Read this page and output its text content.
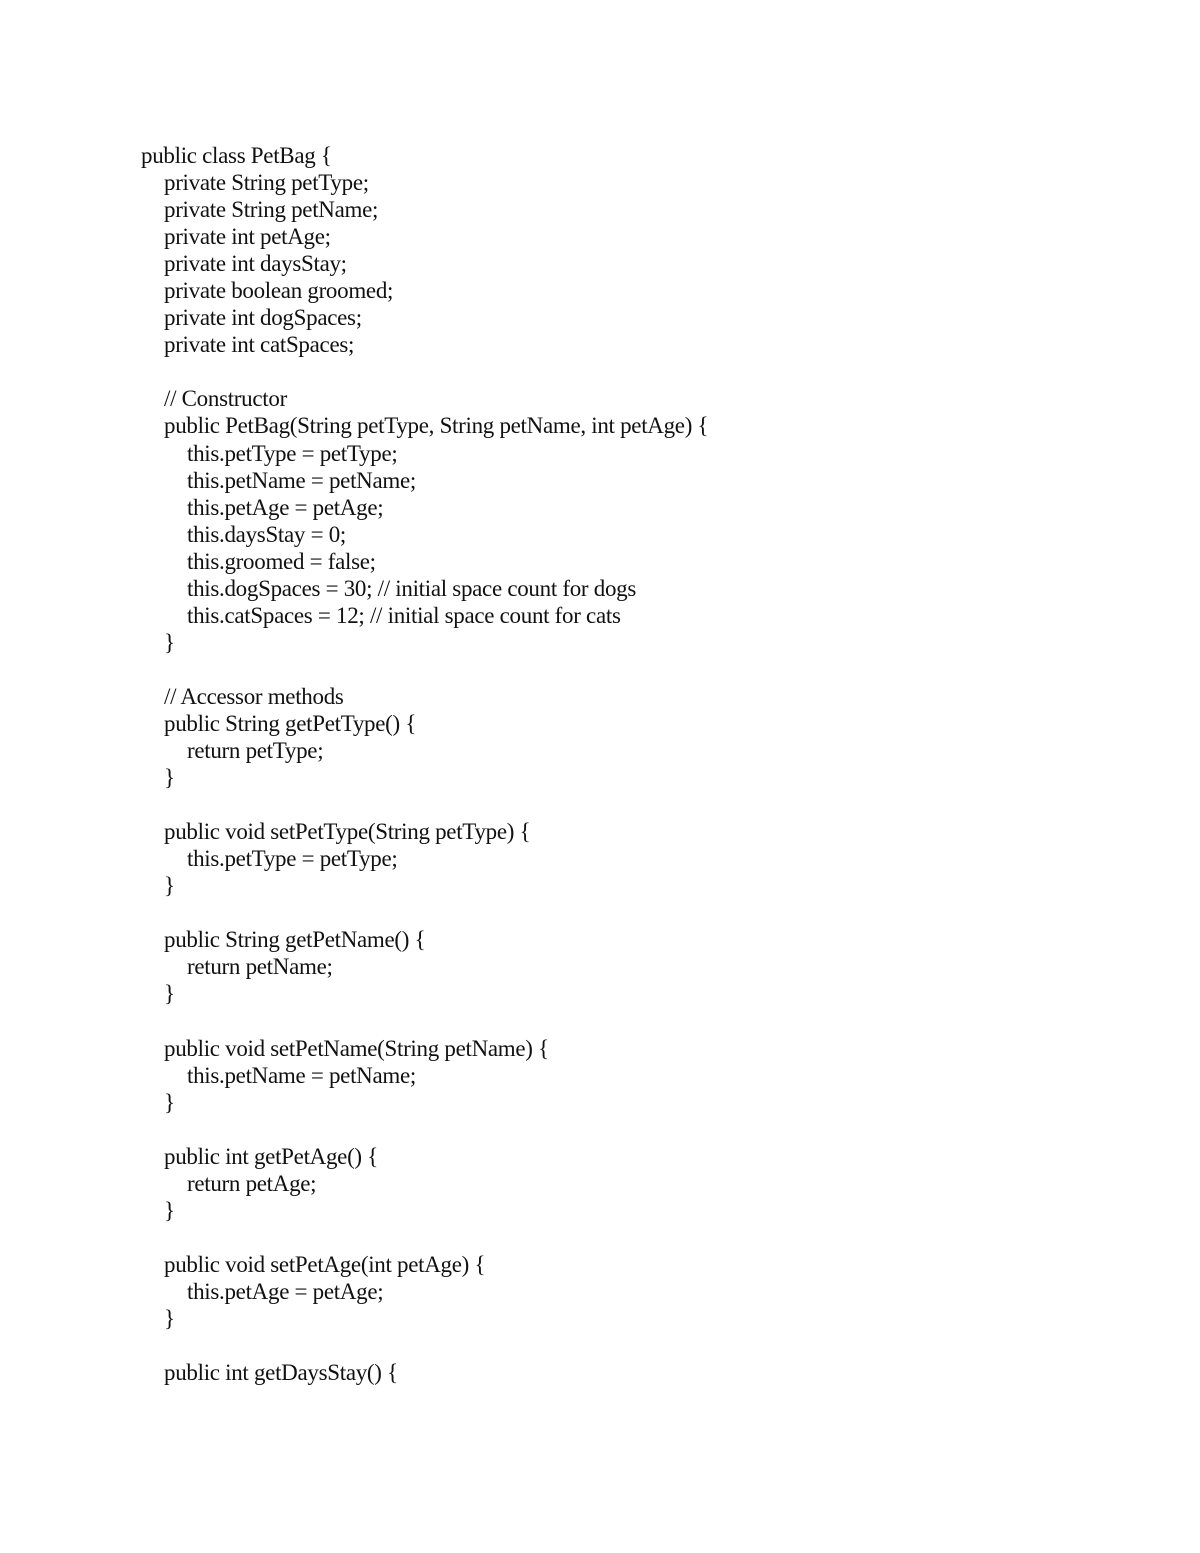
public class PetBag {
private String petType;
private String petName;
private int petAge;
private int daysStay;
private boolean groomed;
private int dogSpaces;
private int catSpaces;
// Constructor
public PetBag(String petType, String petName, int petAge) {
this.petType = petType;
this.petName = petName;
this.petAge = petAge;
this.daysStay = 0;
this.groomed = false;
this.dogSpaces = 30; // initial space count for dogs
this.catSpaces = 12; // initial space count for cats
}
// Accessor methods
public String getPetType() {
return petType;
}
public void setPetType(String petType) {
this.petType = petType;
}
public String getPetName() {
return petName;
}
public void setPetName(String petName) {
this.petName = petName;
}
public int getPetAge() {
return petAge;
}
public void setPetAge(int petAge) {
this.petAge = petAge;
}
public int getDaysStay() {
